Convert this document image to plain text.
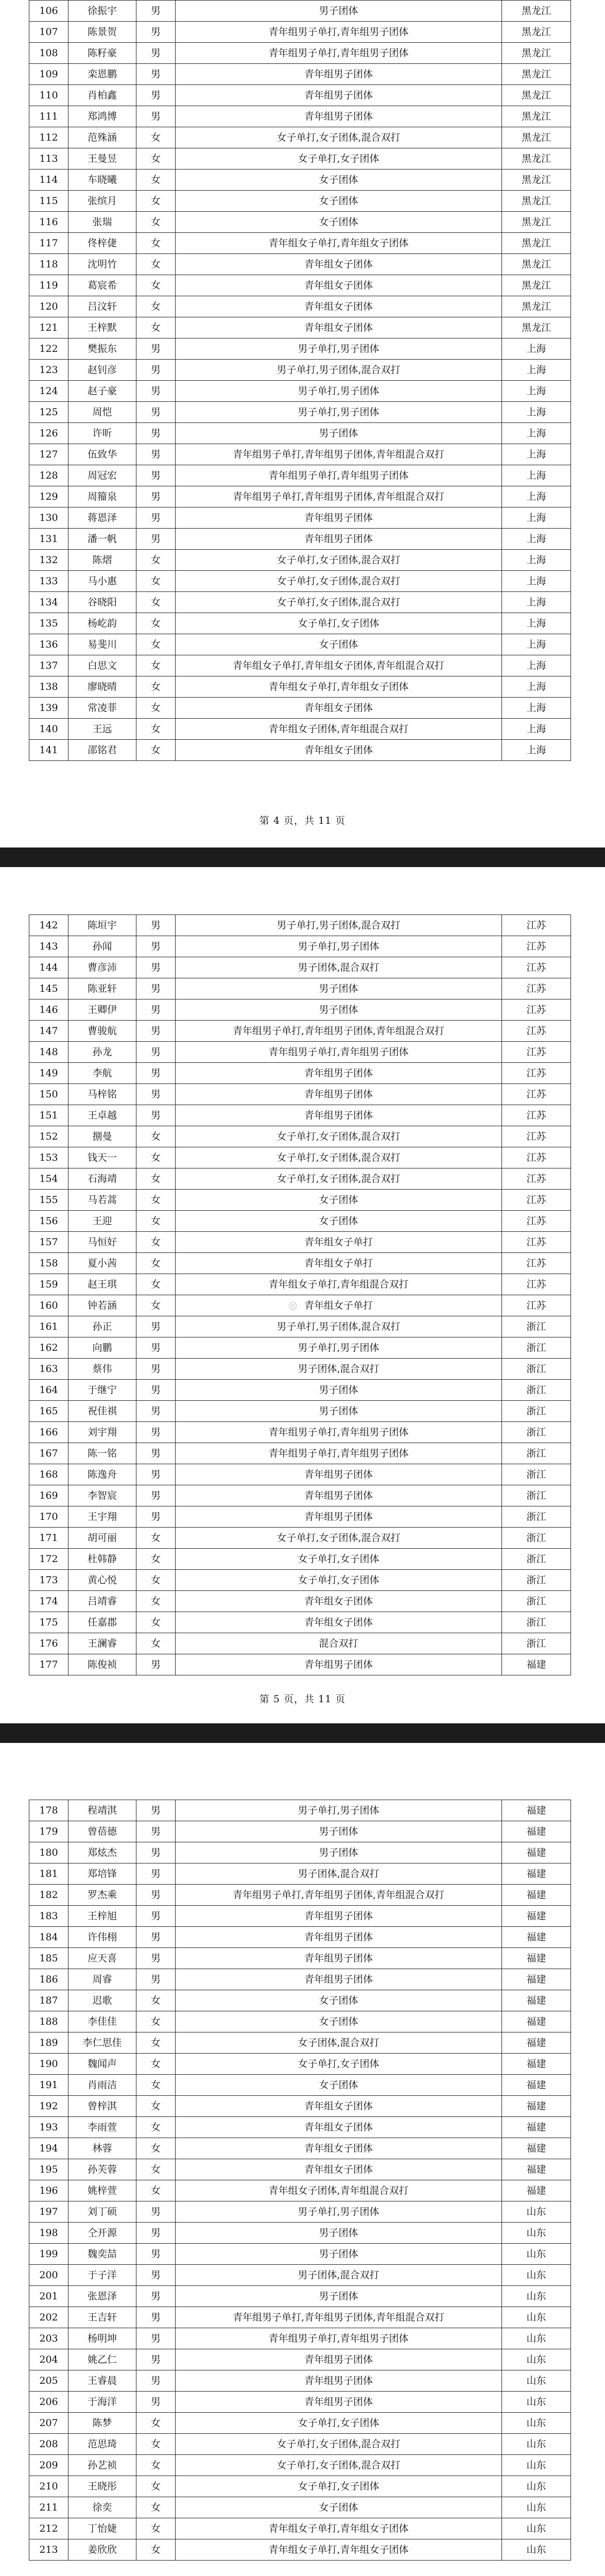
106	徐振宇	男	男子团体	黑龙江
107	陈景贺	男	青年组男子单打,青年组男子团体	黑龙江
108	陈籽豪	男	青年组男子单打,青年组男子团体	黑龙江
109	栾恩鹏	男	青年组男子团体	黑龙江
110	肖柏鑫	男	青年组男子团体	黑龙江
111	郑鸿博	男	青年组男子团体	黑龙江
112	范殊涵	女	女子单打,女子团体,混合双打	黑龙江
113	王曼昱	女	女子单打,女子团体	黑龙江
114	车晓曦	女	女子团体	黑龙江
115	张缤月	女	女子团体	黑龙江
116	张瑞	女	女子团体	黑龙江
117	佟梓倢	女	青年组女子单打,青年组女子团体	黑龙江
118	沈明竹	女	青年组女子团体	黑龙江
119	葛宸希	女	青年组女子团体	黑龙江
120	吕汶轩	女	青年组女子团体	黑龙江
121	王梓默	女	青年组女子团体	黑龙江
122	樊振东	男	男子单打,男子团体	上海
123	赵钊彦	男	男子单打,男子团体,混合双打	上海
124	赵子豪	男	男子单打,男子团体	上海
125	周恺	男	男子单打,男子团体	上海
126	许昕	男	男子团体	上海
127	伍致华	男	青年组男子单打,青年组男子团体,青年组混合双打	上海
128	周冠宏	男	青年组男子单打,青年组男子团体	上海
129	周籀泉	男	青年组男子单打,青年组男子团体,青年组混合双打	上海
130	蒋恩泽	男	青年组男子团体	上海
131	潘一帆	男	青年组男子团体	上海
132	陈熠	女	女子单打,女子团体,混合双打	上海
133	马小惠	女	女子单打,女子团体,混合双打	上海
134	谷晓阳	女	女子单打,女子团体,混合双打	上海
135	杨屹韵	女	女子单打,女子团体	上海
136	易斐川	女	女子团体	上海
137	白思文	女	青年组女子单打,青年组女子团体,青年组混合双打	上海
138	廖晓晴	女	青年组女子单打,青年组女子团体	上海
139	常凌菲	女	青年组女子团体	上海
140	王远	女	青年组女子团体,青年组混合双打	上海
141	邵铭君	女	青年组女子团体	上海
第 4 页，共 11 页
142	陈垣宇	男	男子单打,男子团体,混合双打	江苏
143	孙闻	男	男子单打,男子团体	江苏
144	曹彦沛	男	男子团体,混合双打	江苏
145	陈亚轩	男	男子团体	江苏
146	王卿伊	男	男子团体	江苏
147	曹骏航	男	青年组男子单打,青年组男子团体,青年组混合双打	江苏
148	孙龙	男	青年组男子单打,青年组男子团体	江苏
149	李航	男	青年组男子团体	江苏
150	马梓铭	男	青年组男子团体	江苏
151	王卓越	男	青年组男子团体	江苏
152	捌曼	女	女子单打,女子团体,混合双打	江苏
153	钱天一	女	女子单打,女子团体,混合双打	江苏
154	石海靖	女	女子单打,女子团体,混合双打	江苏
155	马若蒿	女	女子团体	江苏
156	王迎	女	女子团体	江苏
157	马恒好	女	青年组女子单打	江苏
158	夏小茜	女	青年组女子单打	江苏
159	赵王琪	女	青年组女子单打,青年组混合双打	江苏
160	钟若涵	女	青年组女子单打	江苏
161	孙正	男	男子单打,男子团体,混合双打	浙江
162	向鹏	男	男子单打,男子团体	浙江
163	蔡伟	男	男子团体,混合双打	浙江
164	于继宁	男	男子团体	浙江
165	祝佳祺	男	男子团体	浙江
166	刘宇翔	男	青年组男子单打,青年组男子团体	浙江
167	陈一铭	男	青年组男子单打,青年组男子团体	浙江
168	陈逸舟	男	青年组男子团体	浙江
169	李智宸	男	青年组男子团体	浙江
170	王宇翔	男	青年组男子团体	浙江
171	胡可丽	女	女子单打,女子团体,混合双打	浙江
172	杜韩静	女	女子单打,女子团体	浙江
173	黄心悦	女	女子单打,女子团体	浙江
174	吕靖睿	女	青年组女子团体	浙江
175	任嘉郡	女	青年组女子团体	浙江
176	王澜睿	女	混合双打	浙江
177	陈俊祯	男	青年组男子团体	福建
◎
第 5 页，共 11 页
178	程靖淇	男	男子单打,男子团体	福建
179	曾蓓德	男	男子团体	福建
180	郑炫杰	男	男子团体	福建
181	郑培锋	男	男子团体,混合双打	福建
182	罗杰乘	男	青年组男子单打,青年组男子团体,青年组混合双打	福建
183	王梓旭	男	青年组男子团体	福建
184	许伟栩	男	青年组男子团体	福建
185	应天喜	男	青年组男子团体	福建
186	周睿	男	青年组男子团体	福建
187	迟歌	女	女子团体	福建
188	李佳佳	女	女子团体	福建
189	李仁思佳	女	女子团体,混合双打	福建
190	魏闻声	女	女子单打,女子团体	福建
191	肖雨洁	女	女子团体	福建
192	曾梓淇	女	青年组女子团体	福建
193	李雨萱	女	青年组女子团体	福建
194	林蓉	女	青年组女子团体	福建
195	孙芙蓉	女	青年组女子团体	福建
196	姚梓萱	女	青年组女子团体,青年组混合双打	福建
197	刘丁硕	男	男子单打,男子团体	山东
198	仝开源	男	男子团体	山东
199	魏奕喆	男	男子团体	山东
200	于子洋	男	男子团体,混合双打	山东
201	张恩泽	男	男子团体	山东
202	王吉轩	男	青年组男子单打,青年组男子团体,青年组混合双打	山东
203	杨明坤	男	青年组男子单打,青年组男子团体	山东
204	姚乙仁	男	青年组男子团体	山东
205	王睿晨	男	青年组男子团体	山东
206	于海洋	男	青年组男子团体	山东
207	陈梦	女	女子单打,女子团体	山东
208	范思琦	女	女子单打,女子团体,混合双打	山东
209	孙艺祯	女	女子单打,女子团体,混合双打	山东
210	王晓彤	女	女子单打,女子团体	山东
211	徐奕	女	女子团体	山东
212	丁怡婕	女	青年组女子单打,青年组女子团体	山东
213	姜欣欣	女	青年组女子单打,青年组女子团体	山东
